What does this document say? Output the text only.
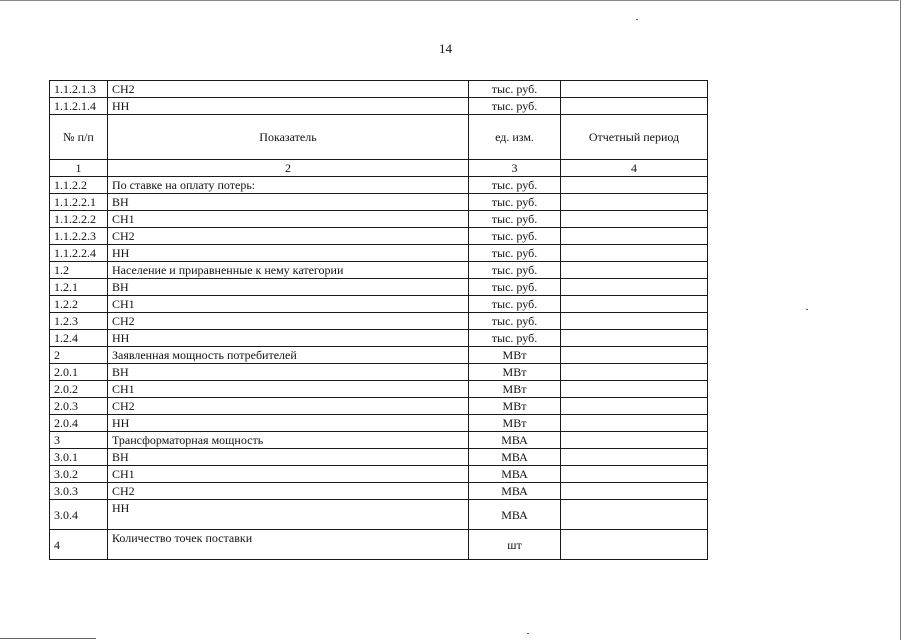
14
1.1.2.1.3	СН2	тыс. руб.	
1.1.2.1.4	НН	тыс. руб.	
№ п/п	Показатель	ед. изм.	Отчетный период
1	2	3	4
1.1.2.2	По ставке на оплату потерь:	тыс. руб.	
1.1.2.2.1	ВН	тыс. руб.	
1.1.2.2.2	СН1	тыс. руб.	
1.1.2.2.3	СН2	тыс. руб.	
1.1.2.2.4	НН	тыс. руб.	
1.2	Население и приравненные к нему категории	тыс. руб.	
1.2.1	ВН	тыс. руб.	
1.2.2	СН1	тыс. руб.	
1.2.3	СН2	тыс. руб.	
1.2.4	НН	тыс. руб.	
2	Заявленная мощность потребителей	МВт	
2.0.1	ВН	МВт	
2.0.2	СН1	МВт	
2.0.3	СН2	МВт	
2.0.4	НН	МВт	
3	Трансформаторная мощность	МВА	
3.0.1	ВН	МВА	
3.0.2	СН1	МВА	
3.0.3	СН2	МВА	
3.0.4	НН	МВА	
4	Количество точек поставки	шт	
